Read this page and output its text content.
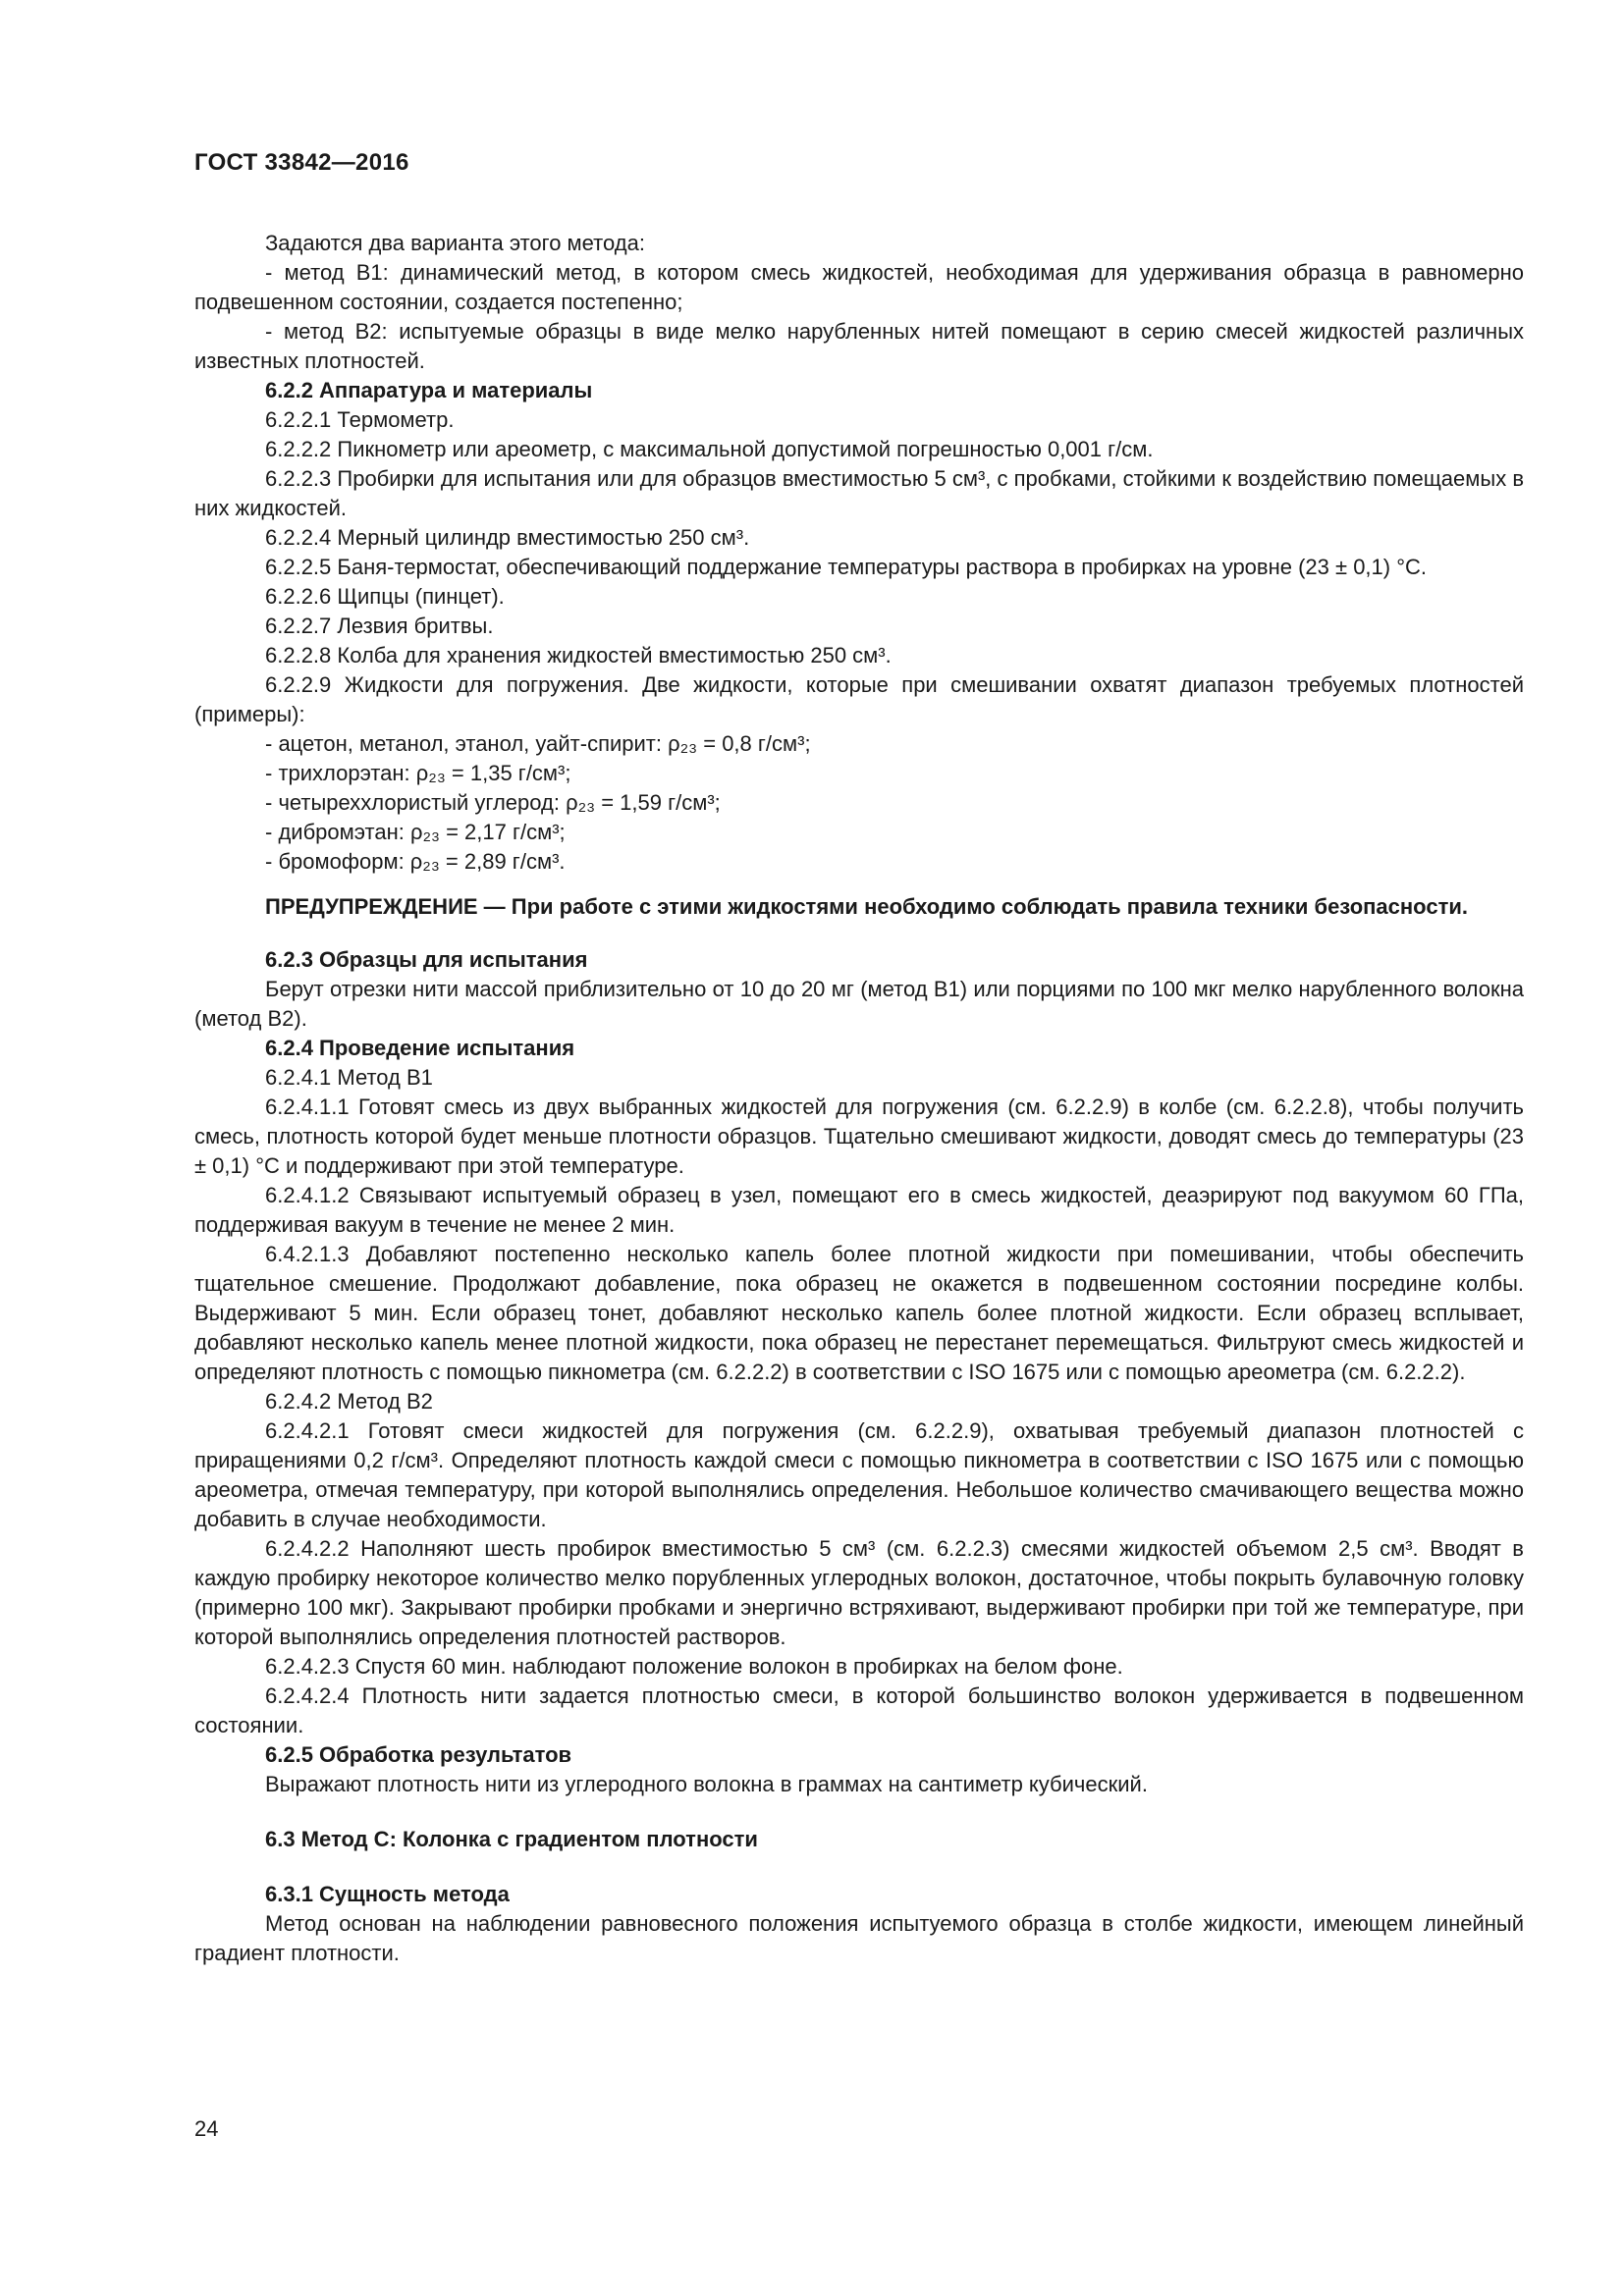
ГОСТ 33842—2016

Задаются два варианта этого метода:

- метод В1: динамический метод, в котором смесь жидкостей, необходимая для удерживания образца в равномерно подвешенном состоянии, создается постепенно;

- метод В2: испытуемые образцы в виде мелко нарубленных нитей помещают в серию смесей жидкостей различных известных плотностей.

6.2.2 Аппаратура и материалы

6.2.2.1 Термометр.

6.2.2.2 Пикнометр или ареометр, с максимальной допустимой погрешностью 0,001 г/см.

6.2.2.3 Пробирки для испытания или для образцов вместимостью 5 см³, с пробками, стойкими к воздействию помещаемых в них жидкостей.

6.2.2.4 Мерный цилиндр вместимостью 250 см³.

6.2.2.5 Баня-термостат, обеспечивающий поддержание температуры раствора в пробирках на уровне (23 ± 0,1) °С.

6.2.2.6 Щипцы (пинцет).

6.2.2.7 Лезвия бритвы.

6.2.2.8 Колба для хранения жидкостей вместимостью 250 см³.

6.2.2.9 Жидкости для погружения. Две жидкости, которые при смешивании охватят диапазон требуемых плотностей (примеры):

- ацетон, метанол, этанол, уайт-спирит: ρ₂₃ = 0,8 г/см³;

- трихлорэтан: ρ₂₃ = 1,35 г/см³;

- четыреххлористый углерод: ρ₂₃ = 1,59 г/см³;

- дибромэтан: ρ₂₃ = 2,17 г/см³;

- бромоформ: ρ₂₃ = 2,89 г/см³.

ПРЕДУПРЕЖДЕНИЕ — При работе с этими жидкостями необходимо соблюдать правила техники безопасности.

6.2.3 Образцы для испытания

Берут отрезки нити массой приблизительно от 10 до 20 мг (метод В1) или порциями по 100 мкг мелко нарубленного волокна (метод В2).

6.2.4 Проведение испытания

6.2.4.1 Метод В1

6.2.4.1.1 Готовят смесь из двух выбранных жидкостей для погружения (см. 6.2.2.9) в колбе (см. 6.2.2.8), чтобы получить смесь, плотность которой будет меньше плотности образцов. Тщательно смешивают жидкости, доводят смесь до температуры (23 ± 0,1) °С и поддерживают при этой температуре.

6.2.4.1.2 Связывают испытуемый образец в узел, помещают его в смесь жидкостей, деаэрируют под вакуумом 60 ГПа, поддерживая вакуум в течение не менее 2 мин.

6.4.2.1.3 Добавляют постепенно несколько капель более плотной жидкости при помешивании, чтобы обеспечить тщательное смешение. Продолжают добавление, пока образец не окажется в подвешенном состоянии посредине колбы. Выдерживают 5 мин. Если образец тонет, добавляют несколько капель более плотной жидкости. Если образец всплывает, добавляют несколько капель менее плотной жидкости, пока образец не перестанет перемещаться. Фильтруют смесь жидкостей и определяют плотность с помощью пикнометра (см. 6.2.2.2) в соответствии с ISO 1675 или с помощью ареометра (см. 6.2.2.2).

6.2.4.2 Метод В2

6.2.4.2.1 Готовят смеси жидкостей для погружения (см. 6.2.2.9), охватывая требуемый диапазон плотностей с приращениями 0,2 г/см³. Определяют плотность каждой смеси с помощью пикнометра в соответствии с ISO 1675 или с помощью ареометра, отмечая температуру, при которой выполнялись определения. Небольшое количество смачивающего вещества можно добавить в случае необходимости.

6.2.4.2.2 Наполняют шесть пробирок вместимостью 5 см³ (см. 6.2.2.3) смесями жидкостей объемом 2,5 см³. Вводят в каждую пробирку некоторое количество мелко порубленных углеродных волокон, достаточное, чтобы покрыть булавочную головку (примерно 100 мкг). Закрывают пробирки пробками и энергично встряхивают, выдерживают пробирки при той же температуре, при которой выполнялись определения плотностей растворов.

6.2.4.2.3 Спустя 60 мин. наблюдают положение волокон в пробирках на белом фоне.

6.2.4.2.4 Плотность нити задается плотностью смеси, в которой большинство волокон удерживается в подвешенном состоянии.

6.2.5 Обработка результатов

Выражают плотность нити из углеродного волокна в граммах на сантиметр кубический.

6.3 Метод С: Колонка с градиентом плотности

6.3.1 Сущность метода

Метод основан на наблюдении равновесного положения испытуемого образца в столбе жидкости, имеющем линейный градиент плотности.

24
